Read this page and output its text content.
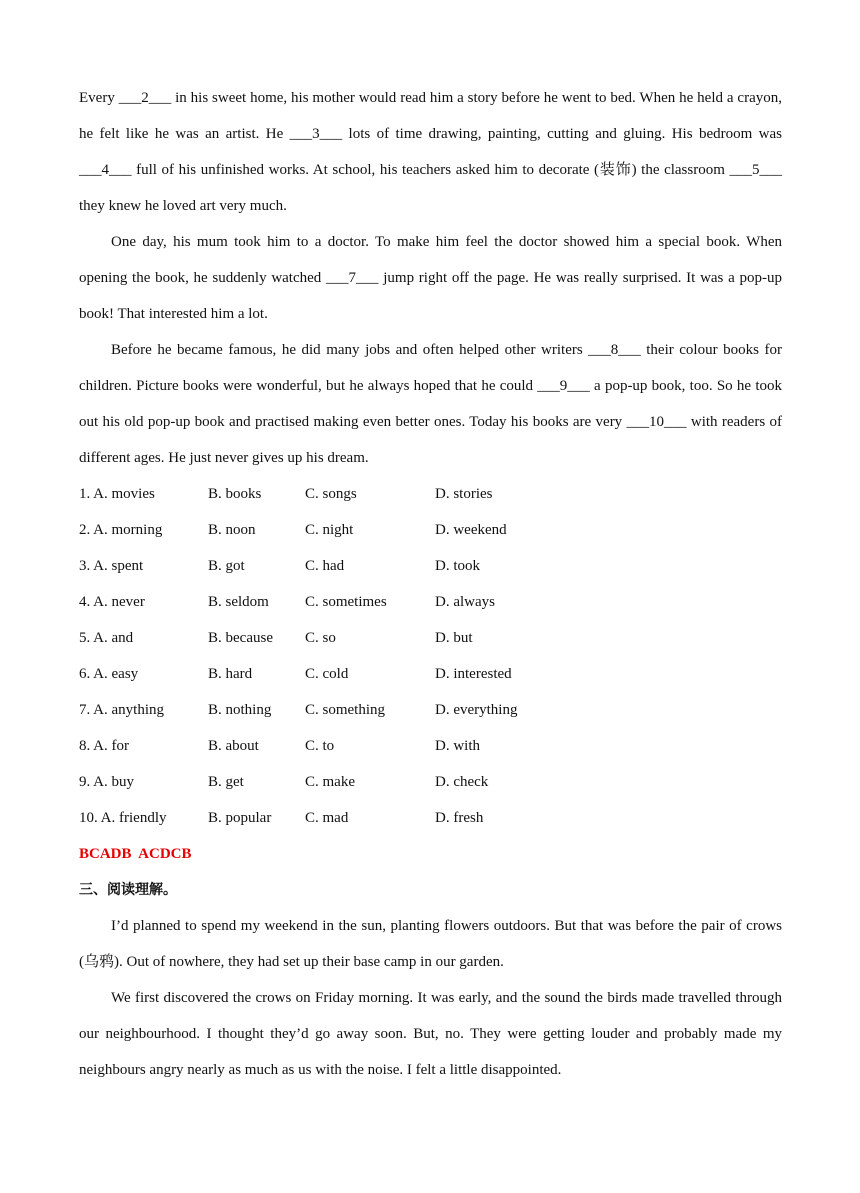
Every ___2___ in his sweet home, his mother would read him a story before he went to bed. When he held a crayon, he felt like he was an artist. He ___3___ lots of time drawing, painting, cutting and gluing. His bedroom was ___4___ full of his unfinished works. At school, his teachers asked him to decorate (装饰) the classroom ___5___ they knew he loved art very much.

One day, his mum took him to a doctor. To make him feel the doctor showed him a special book. When opening the book, he suddenly watched ___7___ jump right off the page. He was really surprised. It was a pop-up book! That interested him a lot.

Before he became famous, he did many jobs and often helped other writers ___8___ their colour books for children. Picture books were wonderful, but he always hoped that he could ___9___ a pop-up book, too. So he took out his old pop-up book and practised making even better ones. Today his books are very ___10___ with readers of different ages. He just never gives up his dream.

1. A. movies	B. books	C. songs	D. stories
2. A. morning	B. noon	C. night	D. weekend
3. A. spent	B. got	C. had	D. took
4. A. never	B. seldom	C. sometimes	D. always
5. A. and	B. because	C. so	D. but
6. A. easy	B. hard	C. cold	D. interested
7. A. anything	B. nothing	C. something	D. everything
8. A. for	B. about	C. to	D. with
9. A. buy	B. get	C. make	D. check
10. A. friendly	B. popular	C. mad	D. fresh

BCADB  ACDCB

三、阅读理解。

I’d planned to spend my weekend in the sun, planting flowers outdoors. But that was before the pair of crows (乌鸦). Out of nowhere, they had set up their base camp in our garden.

We first discovered the crows on Friday morning. It was early, and the sound the birds made travelled through our neighbourhood. I thought they’d go away soon. But, no. They were getting louder and probably made my neighbours angry nearly as much as us with the noise. I felt a little disappointed.
